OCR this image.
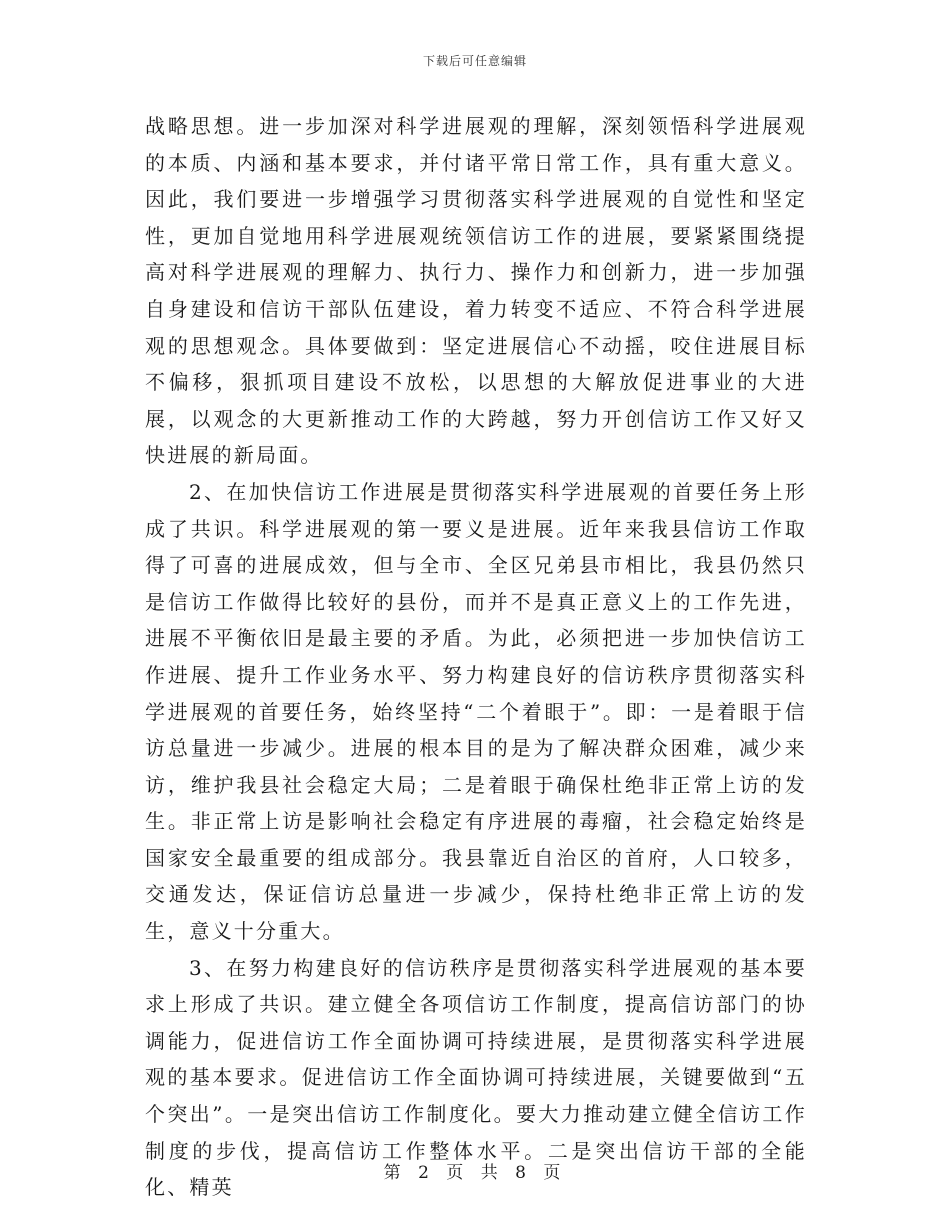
下载后可任意编辑

战略思想。进一步加深对科学进展观的理解，深刻领悟科学进展观的本质、内涵和基本要求，并付诸平常日常工作，具有重大意义。因此，我们要进一步增强学习贯彻落实科学进展观的自觉性和坚定性，更加自觉地用科学进展观统领信访工作的进展，要紧紧围绕提高对科学进展观的理解力、执行力、操作力和创新力，进一步加强自身建设和信访干部队伍建设，着力转变不适应、不符合科学进展观的思想观念。具体要做到：坚定进展信心不动摇，咬住进展目标不偏移，狠抓项目建设不放松，以思想的大解放促进事业的大进展，以观念的大更新推动工作的大跨越，努力开创信访工作又好又快进展的新局面。

2、在加快信访工作进展是贯彻落实科学进展观的首要任务上形成了共识。科学进展观的第一要义是进展。近年来我县信访工作取得了可喜的进展成效，但与全市、全区兄弟县市相比，我县仍然只是信访工作做得比较好的县份，而并不是真正意义上的工作先进，进展不平衡依旧是最主要的矛盾。为此，必须把进一步加快信访工作进展、提升工作业务水平、努力构建良好的信访秩序贯彻落实科学进展观的首要任务，始终坚持“二个着眼于”。即：一是着眼于信访总量进一步减少。进展的根本目的是为了解决群众困难，减少来访，维护我县社会稳定大局；二是着眼于确保杜绝非正常上访的发生。非正常上访是影响社会稳定有序进展的毒瘤，社会稳定始终是国家安全最重要的组成部分。我县靠近自治区的首府，人口较多，交通发达，保证信访总量进一步减少，保持杜绝非正常上访的发生，意义十分重大。

3、在努力构建良好的信访秩序是贯彻落实科学进展观的基本要求上形成了共识。建立健全各项信访工作制度，提高信访部门的协调能力，促进信访工作全面协调可持续进展，是贯彻落实科学进展观的基本要求。促进信访工作全面协调可持续进展，关键要做到“五个突出”。一是突出信访工作制度化。要大力推动建立健全信访工作制度的步伐，提高信访工作整体水平。二是突出信访干部的全能化、精英

第 2 页 共 8 页
